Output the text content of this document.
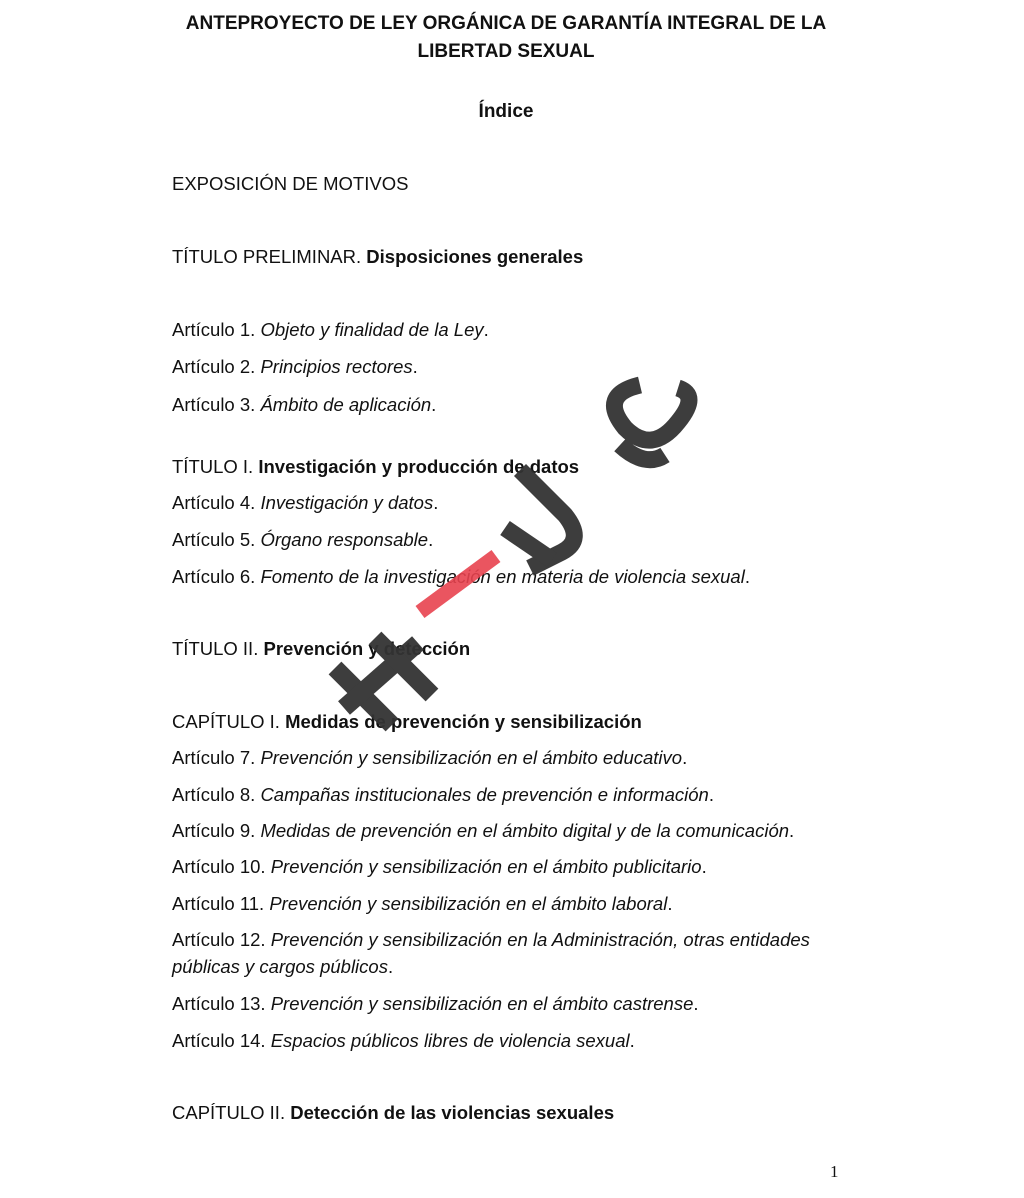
ANTEPROYECTO DE LEY ORGÁNICA DE GARANTÍA INTEGRAL DE LA
LIBERTAD SEXUAL
Índice
EXPOSICIÓN DE MOTIVOS
TÍTULO PRELIMINAR. Disposiciones generales
Artículo 1. Objeto y finalidad de la Ley.
Artículo 2. Principios rectores.
Artículo 3. Ámbito de aplicación.
TÍTULO I. Investigación y producción de datos
Artículo 4. Investigación y datos.
Artículo 5. Órgano responsable.
Artículo 6. Fomento de la investigación en materia de violencia sexual.
TÍTULO II. Prevención y detección
CAPÍTULO I. Medidas de prevención y sensibilización
Artículo 7. Prevención y sensibilización en el ámbito educativo.
Artículo 8. Campañas institucionales de prevención e información.
Artículo 9. Medidas de prevención en el ámbito digital y de la comunicación.
Artículo 10. Prevención y sensibilización en el ámbito publicitario.
Artículo 11. Prevención y sensibilización en el ámbito laboral.
Artículo 12. Prevención y sensibilización en la Administración, otras entidades públicas y cargos públicos.
Artículo 13. Prevención y sensibilización en el ámbito castrense.
Artículo 14. Espacios públicos libres de violencia sexual.
CAPÍTULO II. Detección de las violencias sexuales
1
